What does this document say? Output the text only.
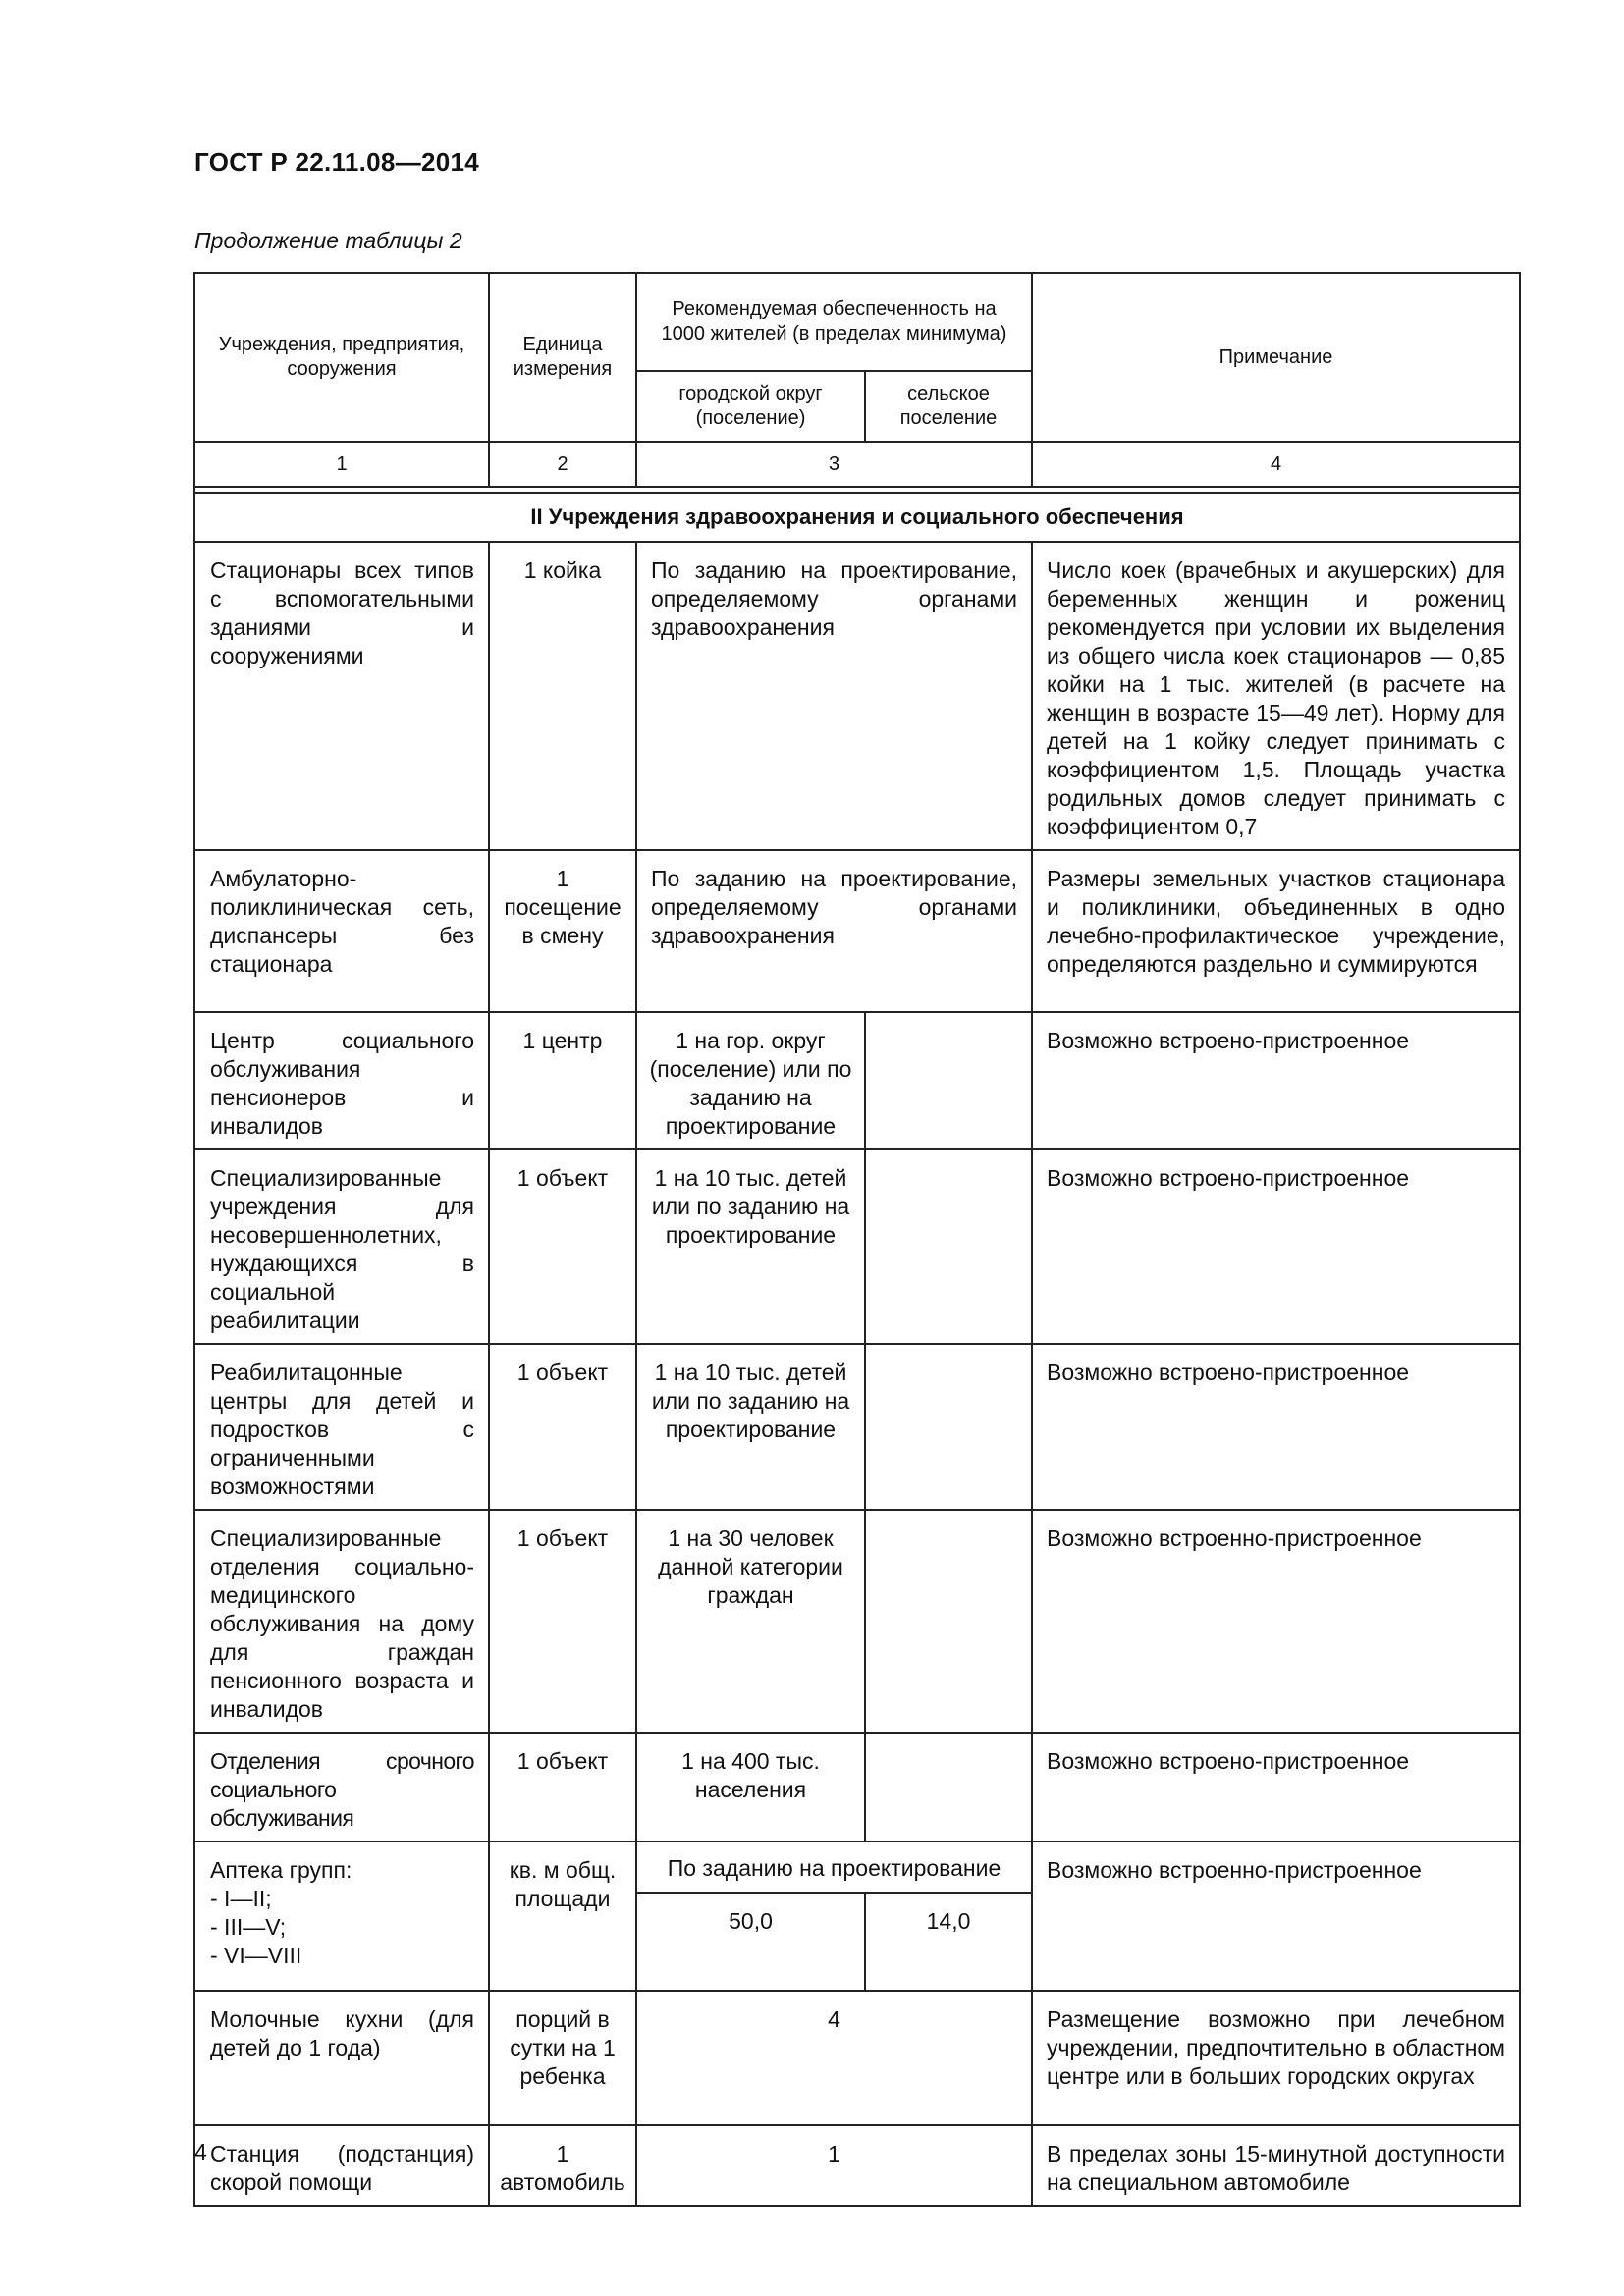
ГОСТ Р 22.11.08—2014
Продолжение таблицы 2
Учреждения, предприятия, сооружения	Единица измерения	Рекомендуемая обеспеченность на 1000 жителей (в пределах минимума)		Примечание
		городской округ (поселение)	сельское поселение	
1	2	3		4

II Учреждения здравоохранения и социального обеспечения				
Стационары всех типов с вспомогательными зданиями и сооружениями	1 койка	По заданию на проектирование, определяемому органами здравоохранения		Число коек (врачебных и акушерских) для беременных женщин и рожениц рекомендуется при условии их выделения из общего числа коек стационаров — 0,85 койки на 1 тыс. жителей (в расчете на женщин в возрасте 15—49 лет). Норму для детей на 1 койку следует принимать с коэффициентом 1,5. Площадь участка родильных домов следует принимать с коэффициентом 0,7
Амбулаторно-поликлиническая сеть, диспансеры без стационара	1 посещение в смену	По заданию на проектирование, определяемому органами здравоохранения		Размеры земельных участков стационара и поликлиники, объединенных в одно лечебно-профилактическое учреждение, определяются раздельно и суммируются
Центр социального обслуживания пенсионеров и инвалидов	1 центр	1 на гор. округ (поселение) или по заданию на проектирование		Возможно встроено-пристроенное
Специализированные учреждения для несовершеннолетних, нуждающихся в социальной реабилитации	1 объект	1 на 10 тыс. детей или по заданию на проектирование		Возможно встроено-пристроенное
Реабилитацонные центры для детей и подростков с ограниченными возможностями	1 объект	1 на 10 тыс. детей или по заданию на проектирование		Возможно встроено-пристроенное
Специализированные отделения социально-медицинского обслуживания на дому для граждан пенсионного возраста и инвалидов	1 объект	1 на 30 человек данной категории граждан		Возможно встроенно-пристроенное
Отделения срочного социального обслуживания	1 объект	1 на 400 тыс. населения		Возможно встроено-пристроенное

Аптека групп:
- I—II;
- III—V;
- VI—VIII	кв. м общ. площади	По заданию на проектирование		Возможно встроенно-пристроенное
		50,0	14,0	
Молочные кухни (для детей до 1 года)	порций в сутки на 1 ребенка	4		Размещение возможно при лечебном учреждении, предпочтительно в областном центре или в больших городских округах
Станция (подстанция) скорой помощи	1 автомобиль	1		В пределах зоны 15-минутной доступности на специальном автомобиле
4
